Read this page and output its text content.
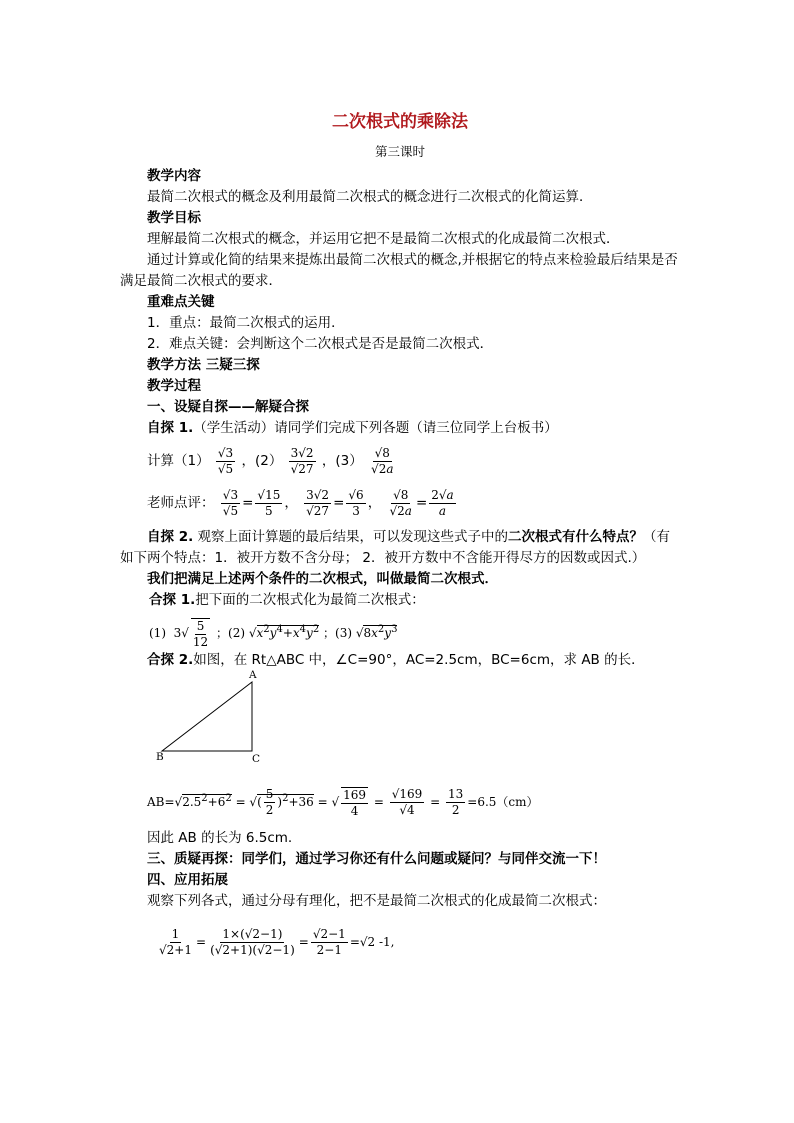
二次根式的乘除法
第三课时
教学内容
最简二次根式的概念及利用最简二次根式的概念进行二次根式的化简运算．
教学目标
理解最简二次根式的概念，并运用它把不是最简二次根式的化成最简二次根式．
通过计算或化简的结果来提炼出最简二次根式的概念,并根据它的特点来检验最后结果是否满足最简二次根式的要求．
重难点关键
1．重点：最简二次根式的运用．
2．难点关键：会判断这个二次根式是否是最简二次根式．
教学方法 三疑三探
教学过程
一、设疑自探——解疑合探
自探 1.（学生活动）请同学们完成下列各题（请三位同学上台板书）
计算$(1) \frac{√3}{√5}$ ，$(2) \frac{3√2}{√27}$ ，$(3) \frac{√8}{√2a}$
老师点评： $\frac{√3}{√5} = \frac{√15}{5}$ ， $\frac{3√2}{√27} = \frac{√6}{3}$ ， $\frac{√8}{√2a} = \frac{2√a}{a}$
自探 2. 观察上面计算题的最后结果，可以发现这些式子中的二次根式有什么特点？（有如下两个特点：1．被开方数不含分母； 2．被开方数中不含能开得尽方的因数或因式.）
我们把满足上述两个条件的二次根式，叫做最简二次根式．
合探 1.把下面的二次根式化为最简二次根式：
(1)  $3√ \frac{5}{12}$ ；(2) $√x^2y^4+x^4y^2$ ；(3) $√8x^2y^3$
合探 2.如图，在 Rt△ABC 中，∠C=90°，AC=2.5cm，BC=6cm，求 AB 的长．
A
B	C
$AB=√2.5^2+6^2$ = √( $\frac{5}{2} )^2+36$ = √ $\frac{169}{4} = \frac{√169}{√4} = \frac{13}{2} =6.5(cm)$
因此 AB 的长为 6.5cm.
三、质疑再探：同学们，通过学习你还有什么问题或疑问？与同伴交流一下！
四、应用拓展
观察下列各式，通过分母有理化，把不是最简二次根式的化成最简二次根式：
$\frac{1}{√2+1} = \frac{1\times(√2-1)}{(√2+1)(√2-1)} = \frac{√2-1}{2-1} =√2$ -1,
